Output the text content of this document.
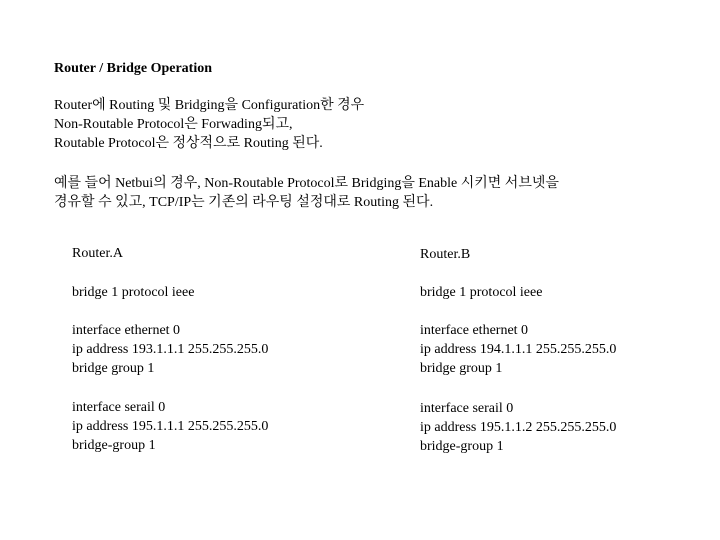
Router / Bridge Operation
Router에 Routing 및 Bridging을 Configuration한 경우
Non-Routable Protocol은 Forwading되고,
Routable Protocol은 정상적으로 Routing 된다.
예를 들어 Netbui의 경우, Non-Routable Protocol로 Bridging을 Enable 시키면 서브넷을
경유할 수 있고, TCP/IP는 기존의 라우팅 설정대로 Routing 된다.
Router.A
bridge 1 protocol ieee
interface ethernet 0
ip address 193.1.1.1 255.255.255.0
bridge group 1
interface serail 0
ip address 195.1.1.1 255.255.255.0
bridge-group 1
Router.B
bridge 1 protocol ieee
interface ethernet 0
ip address 194.1.1.1 255.255.255.0
bridge group 1
interface serail 0
ip address 195.1.1.2 255.255.255.0
bridge-group 1
